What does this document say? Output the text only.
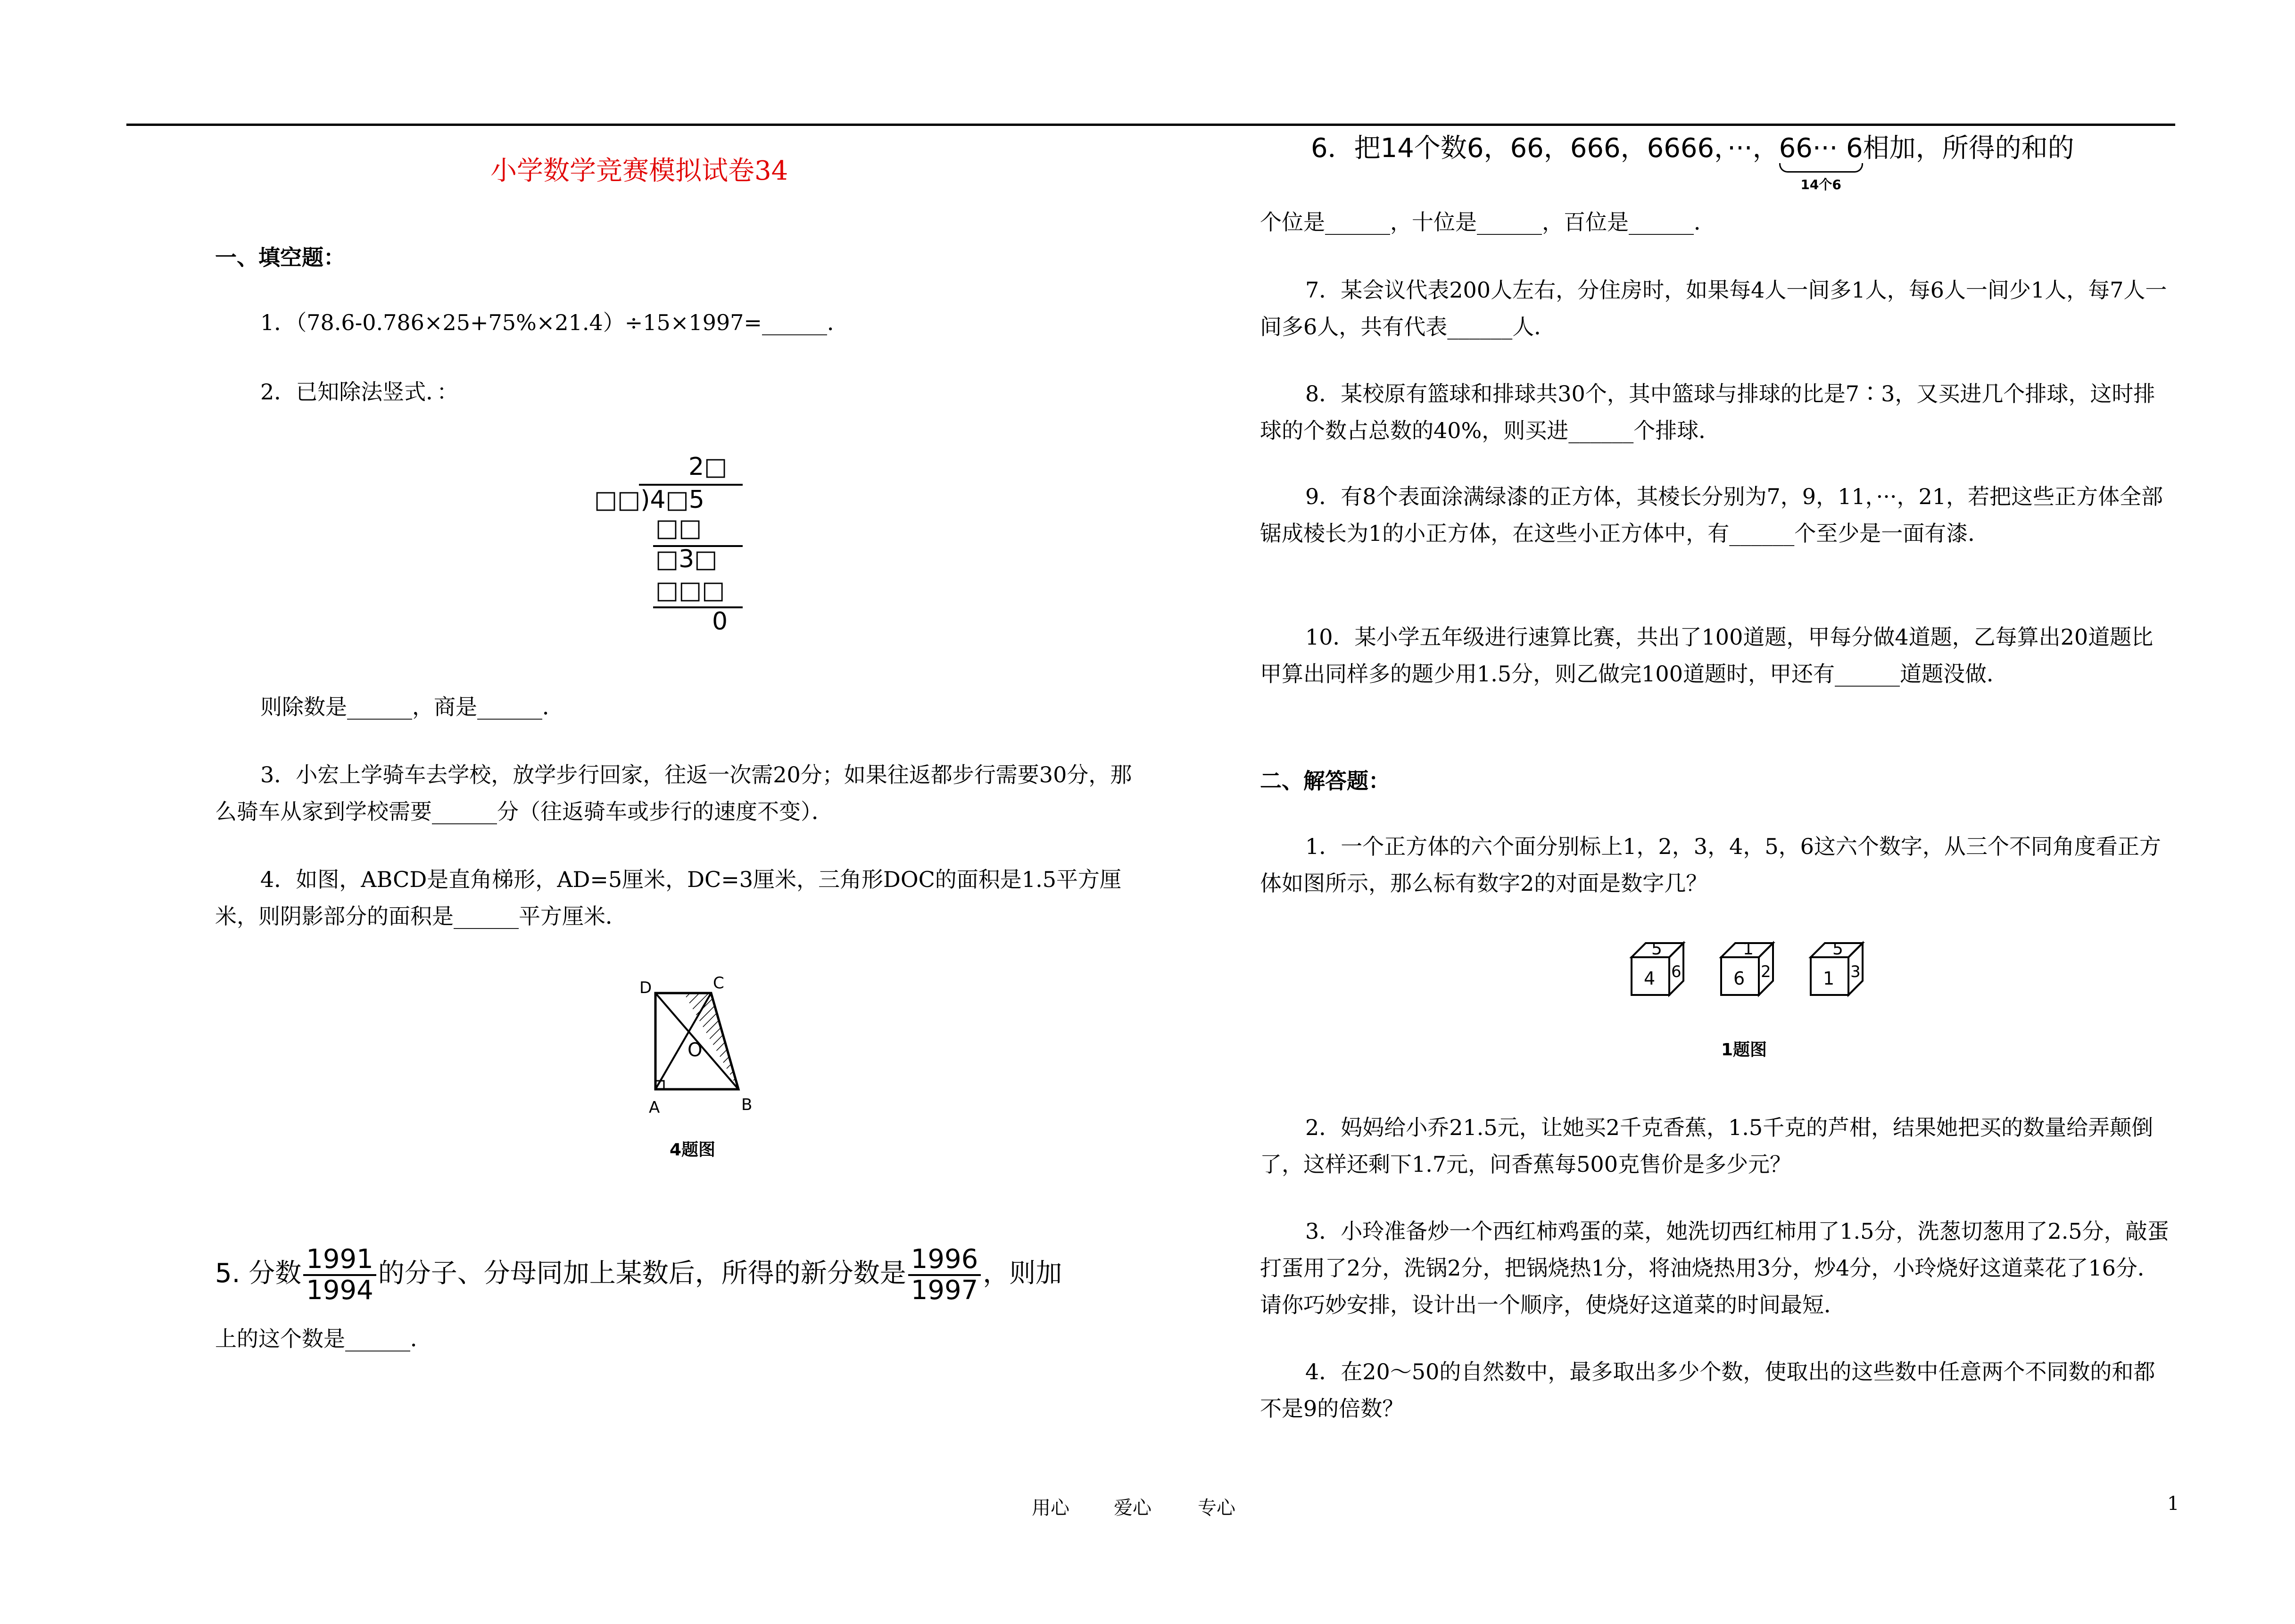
小学数学竞赛模拟试卷34
一、填空题：
1．（78.6-0.786×25+75%×21.4）÷15×1997=______．
2．已知除法竖式．：
2□
□□)4□5
□□
□3□
□□□
0
则除数是______，商是______．
3．小宏上学骑车去学校，放学步行回家，往返一次需20分；如果往返都步行需要30分，那么骑车从家到学校需要______分（往返骑车或步行的速度不变）．
4．如图，ABCD是直角梯形，AD=5厘米，DC=3厘米，三角形DOC的面积是1.5平方厘米，则阴影部分的面积是______平方厘米．
D	C
O
A	B
4题图
5. 分数 $\frac{1991}{1994}$ 的分子、分母同加上某数后，所得的新分数是 $\frac{1996}{1997}$ ，则加
上的这个数是______．
6．把14个数6，66，666，6666，···，66··· 6
14个6
相加，所得的和的
个位是______，十位是______，百位是______．
7．某会议代表200人左右，分住房时，如果每4人一间多1人，每6人一间少1人，每7人一间多6人，共有代表______人．
8．某校原有篮球和排球共30个，其中篮球与排球的比是7∶3，又买进几个排球，这时排球的个数占总数的40%，则买进______个排球．
9．有8个表面涂满绿漆的正方体，其棱长分别为7，9，11，···，21，若把这些正方体全部锯成棱长为1的小正方体，在这些小正方体中，有______个至少是一面有漆．
10．某小学五年级进行速算比赛，共出了100道题，甲每分做4道题，乙每算出20道题比甲算出同样多的题少用1.5分，则乙做完100道题时，甲还有______道题没做．
二、解答题：
1．一个正方体的六个面分别标上1，2，3，4，5，6这六个数字，从三个不同角度看正方体如图所示，那么标有数字2的对面是数字几？
5
4 6
1
6 2
5
1 3
1题图
2．妈妈给小乔21.5元，让她买2千克香蕉，1.5千克的芦柑，结果她把买的数量给弄颠倒了，这样还剩下1.7元，问香蕉每500克售价是多少元？
3．小玲准备炒一个西红柿鸡蛋的菜，她洗切西红柿用了1.5分，洗葱切葱用了2.5分，敲蛋打蛋用了2分，洗锅2分，把锅烧热1分，将油烧热用3分，炒4分，小玲烧好这道菜花了16分．请你巧妙安排，设计出一个顺序，使烧好这道菜的时间最短．
4．在20～50的自然数中，最多取出多少个数，使取出的这些数中任意两个不同数的和都不是9的倍数？
用心 爱心 专心	1
